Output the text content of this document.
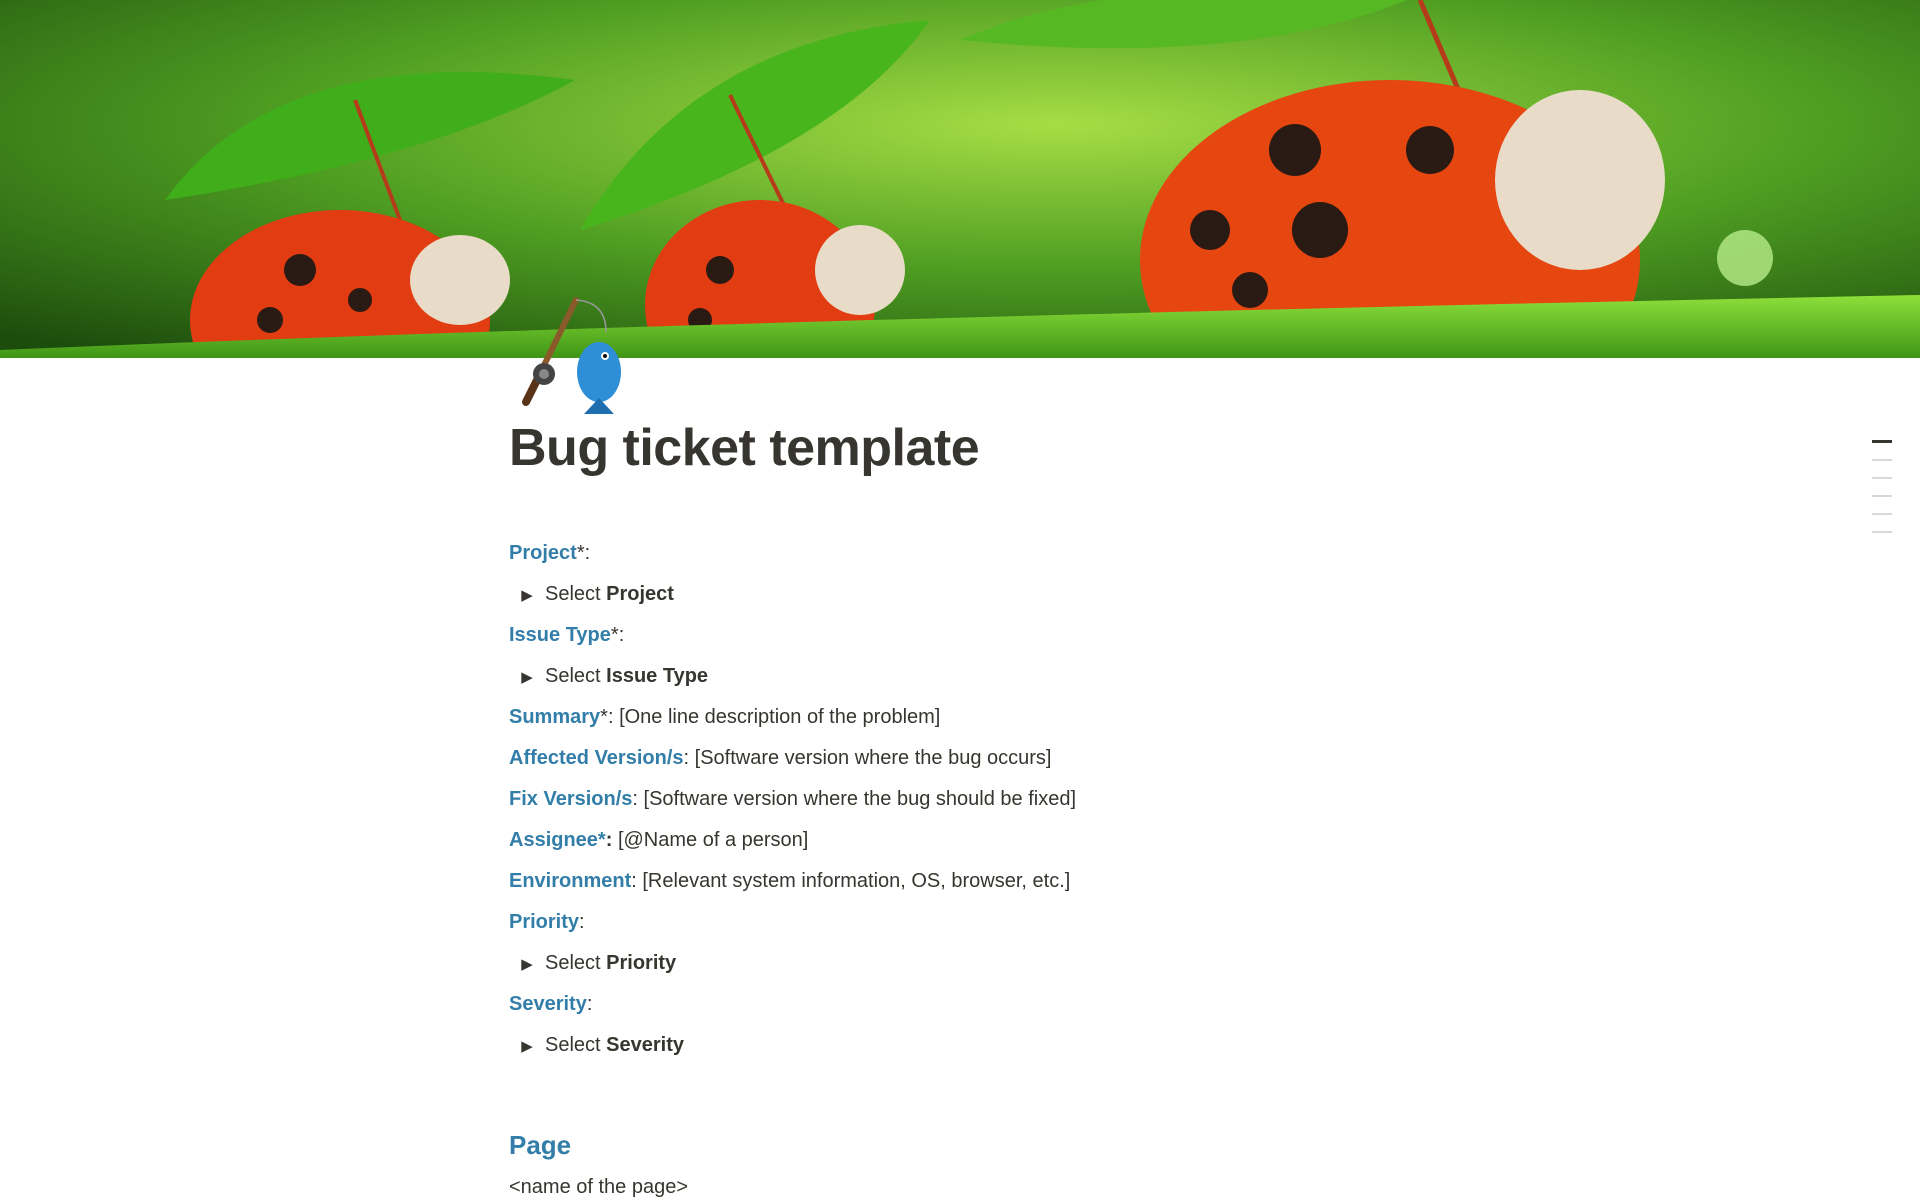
Bug ticket template
Project*:
▶ Select Project
Issue Type*:
▶ Select Issue Type
Summary*: [One line description of the problem]
Affected Version/s: [Software version where the bug occurs]
Fix Version/s: [Software version where the bug should be fixed]
Assignee*: [@Name of a person]
Environment: [Relevant system information, OS, browser, etc.]
Priority:
▶ Select Priority
Severity:
▶ Select Severity
Page
<name of the page>
